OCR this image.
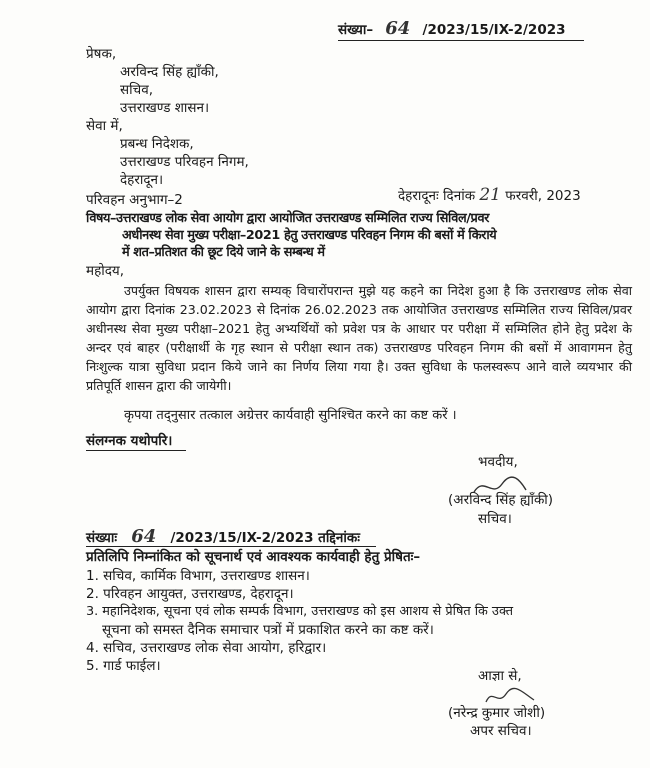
संख्या– 64 /2023/15/IX-2/2023
प्रेषक,
अरविन्द सिंह ह्यॉंकी,
सचिव,
उत्तराखण्ड शासन।
सेवा में,
प्रबन्ध निदेशक,
उत्तराखण्ड परिवहन निगम,
देहरादून।
परिवहन अनुभाग–2	देहरादूनः दिनांक 21 फरवरी, 2023
विषय–उत्तराखण्ड लोक सेवा आयोग द्वारा आयोजित उत्तराखण्ड सम्मिलित राज्य सिविल/प्रवर
अधीनस्थ सेवा मुख्य परीक्षा–2021 हेतु उत्तराखण्ड परिवहन निगम की बसों में किराये
में शत–प्रतिशत की छूट दिये जाने के सम्बन्ध में
महोदय,
उपर्युक्त विषयक शासन द्वारा सम्यक् विचारोंपरान्त मुझे यह कहने का निदेश हुआ है कि उत्तराखण्ड लोक सेवा आयोग द्वारा दिनांक 23.02.2023 से दिनांक 26.02.2023 तक आयोजित उत्तराखण्ड सम्मिलित राज्य सिविल/प्रवर अधीनस्थ सेवा मुख्य परीक्षा–2021 हेतु अभ्यर्थियों को प्रवेश पत्र के आधार पर परीक्षा में सम्मिलित होने हेतु प्रदेश के अन्दर एवं बाहर (परीक्षार्थी के गृह स्थान से परीक्षा स्थान तक) उत्तराखण्ड परिवहन निगम की बसों में आवागमन हेतु निःशुल्क यात्रा सुविधा प्रदान किये जाने का निर्णय लिया गया है। उक्त सुविधा के फलस्वरूप आने वाले व्ययभार की प्रतिपूर्ति शासन द्वारा की जायेगी।
कृपया तद्नुसार तत्काल अग्रेत्तर कार्यवाही सुनिश्चित करने का कष्ट करें ।
संलग्नक यथोपरि।
भवदीय,
(अरविन्द सिंह ह्यॉंकी)
सचिव।
संख्याः 64 /2023/15/IX-2/2023 तद्दिनांकः
प्रतिलिपि निम्नांकित को सूचनार्थ एवं आवश्यक कार्यवाही हेतु प्रेषितः–
1. सचिव, कार्मिक विभाग, उत्तराखण्ड शासन।
2. परिवहन आयुक्त, उत्तराखण्ड, देहरादून।
3. महानिदेशक, सूचना एवं लोक सम्पर्क विभाग, उत्तराखण्ड को इस आशय से प्रेषित कि उक्त
सूचना को समस्त दैनिक समाचार पत्रों में प्रकाशित करने का कष्ट करें।
4. सचिव, उत्तराखण्ड लोक सेवा आयोग, हरिद्वार।
5. गार्ड फाईल।
आज्ञा से,
(नरेन्द्र कुमार जोशी)
अपर सचिव।
